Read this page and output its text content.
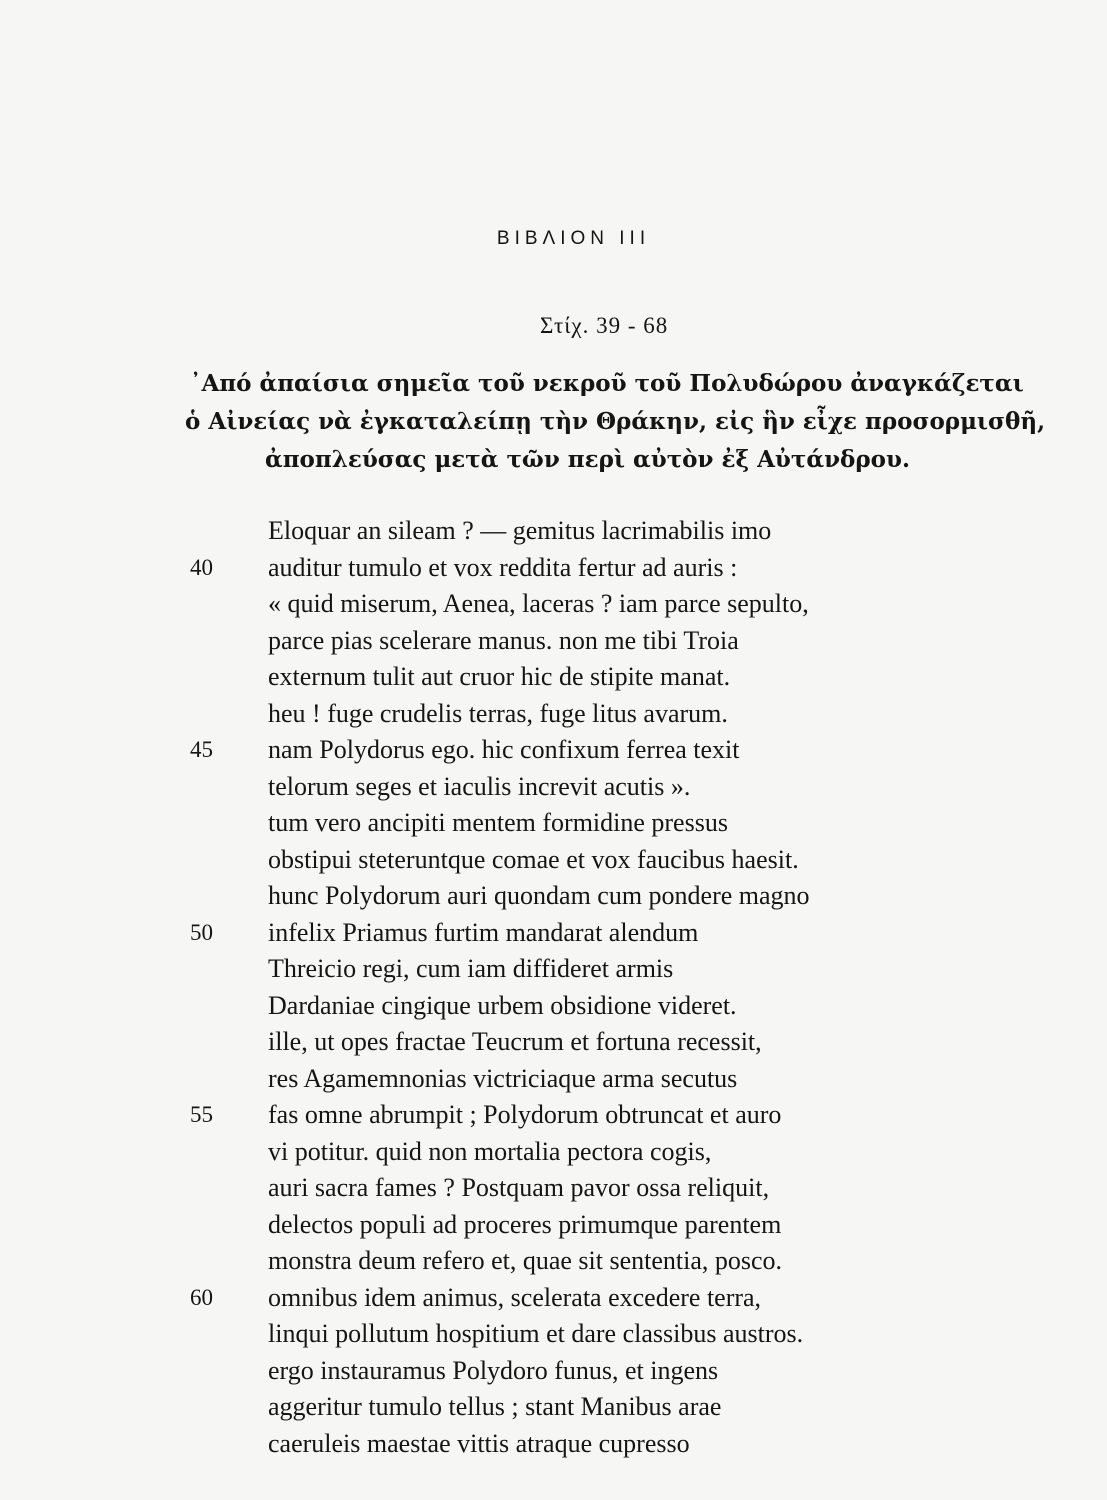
ΒΙΒΛΙΟΝ ΙΙΙ
Στίχ. 39 - 68
᾿Από ἀπαίσια σημεῖα τοῦ νεκροῦ τοῦ Πολυδώρου ἀναγκάζεται
ὁ Αἰνείας νὰ ἐγκαταλείπῃ τὴν Θράκην, εἰς ἣν εἶχε προσορμισθῆ,
ἀποπλεύσας μετὰ τῶν περὶ αὐτὸν ἐξ Αὐτάνδρου.
Eloquar an sileam ? — gemitus lacrimabilis imo
40	auditur tumulo et vox reddita fertur ad auris :
« quid miserum, Aenea, laceras ? iam parce sepulto,
parce pias scelerare manus. non me tibi Troia
externum tulit aut cruor hic de stipite manat.
heu ! fuge crudelis terras, fuge litus avarum.
45	nam Polydorus ego. hic confixum ferrea texit
telorum seges et iaculis increvit acutis ».
tum vero ancipiti mentem formidine pressus
obstipui steteruntque comae et vox faucibus haesit.
hunc Polydorum auri quondam cum pondere magno
50	infelix Priamus furtim mandarat alendum
Threicio regi, cum iam diffideret armis
Dardaniae cingique urbem obsidione videret.
ille, ut opes fractae Teucrum et fortuna recessit,
res Agamemnonias victriciaque arma secutus
55	fas omne abrumpit ; Polydorum obtruncat et auro
vi potitur. quid non mortalia pectora cogis,
auri sacra fames ? Postquam pavor ossa reliquit,
delectos populi ad proceres primumque parentem
monstra deum refero et, quae sit sententia, posco.
60	omnibus idem animus, scelerata excedere terra,
linqui pollutum hospitium et dare classibus austros.
ergo instauramus Polydoro funus, et ingens
aggeritur tumulo tellus ; stant Manibus arae
caeruleis maestae vittis atraque cupresso
